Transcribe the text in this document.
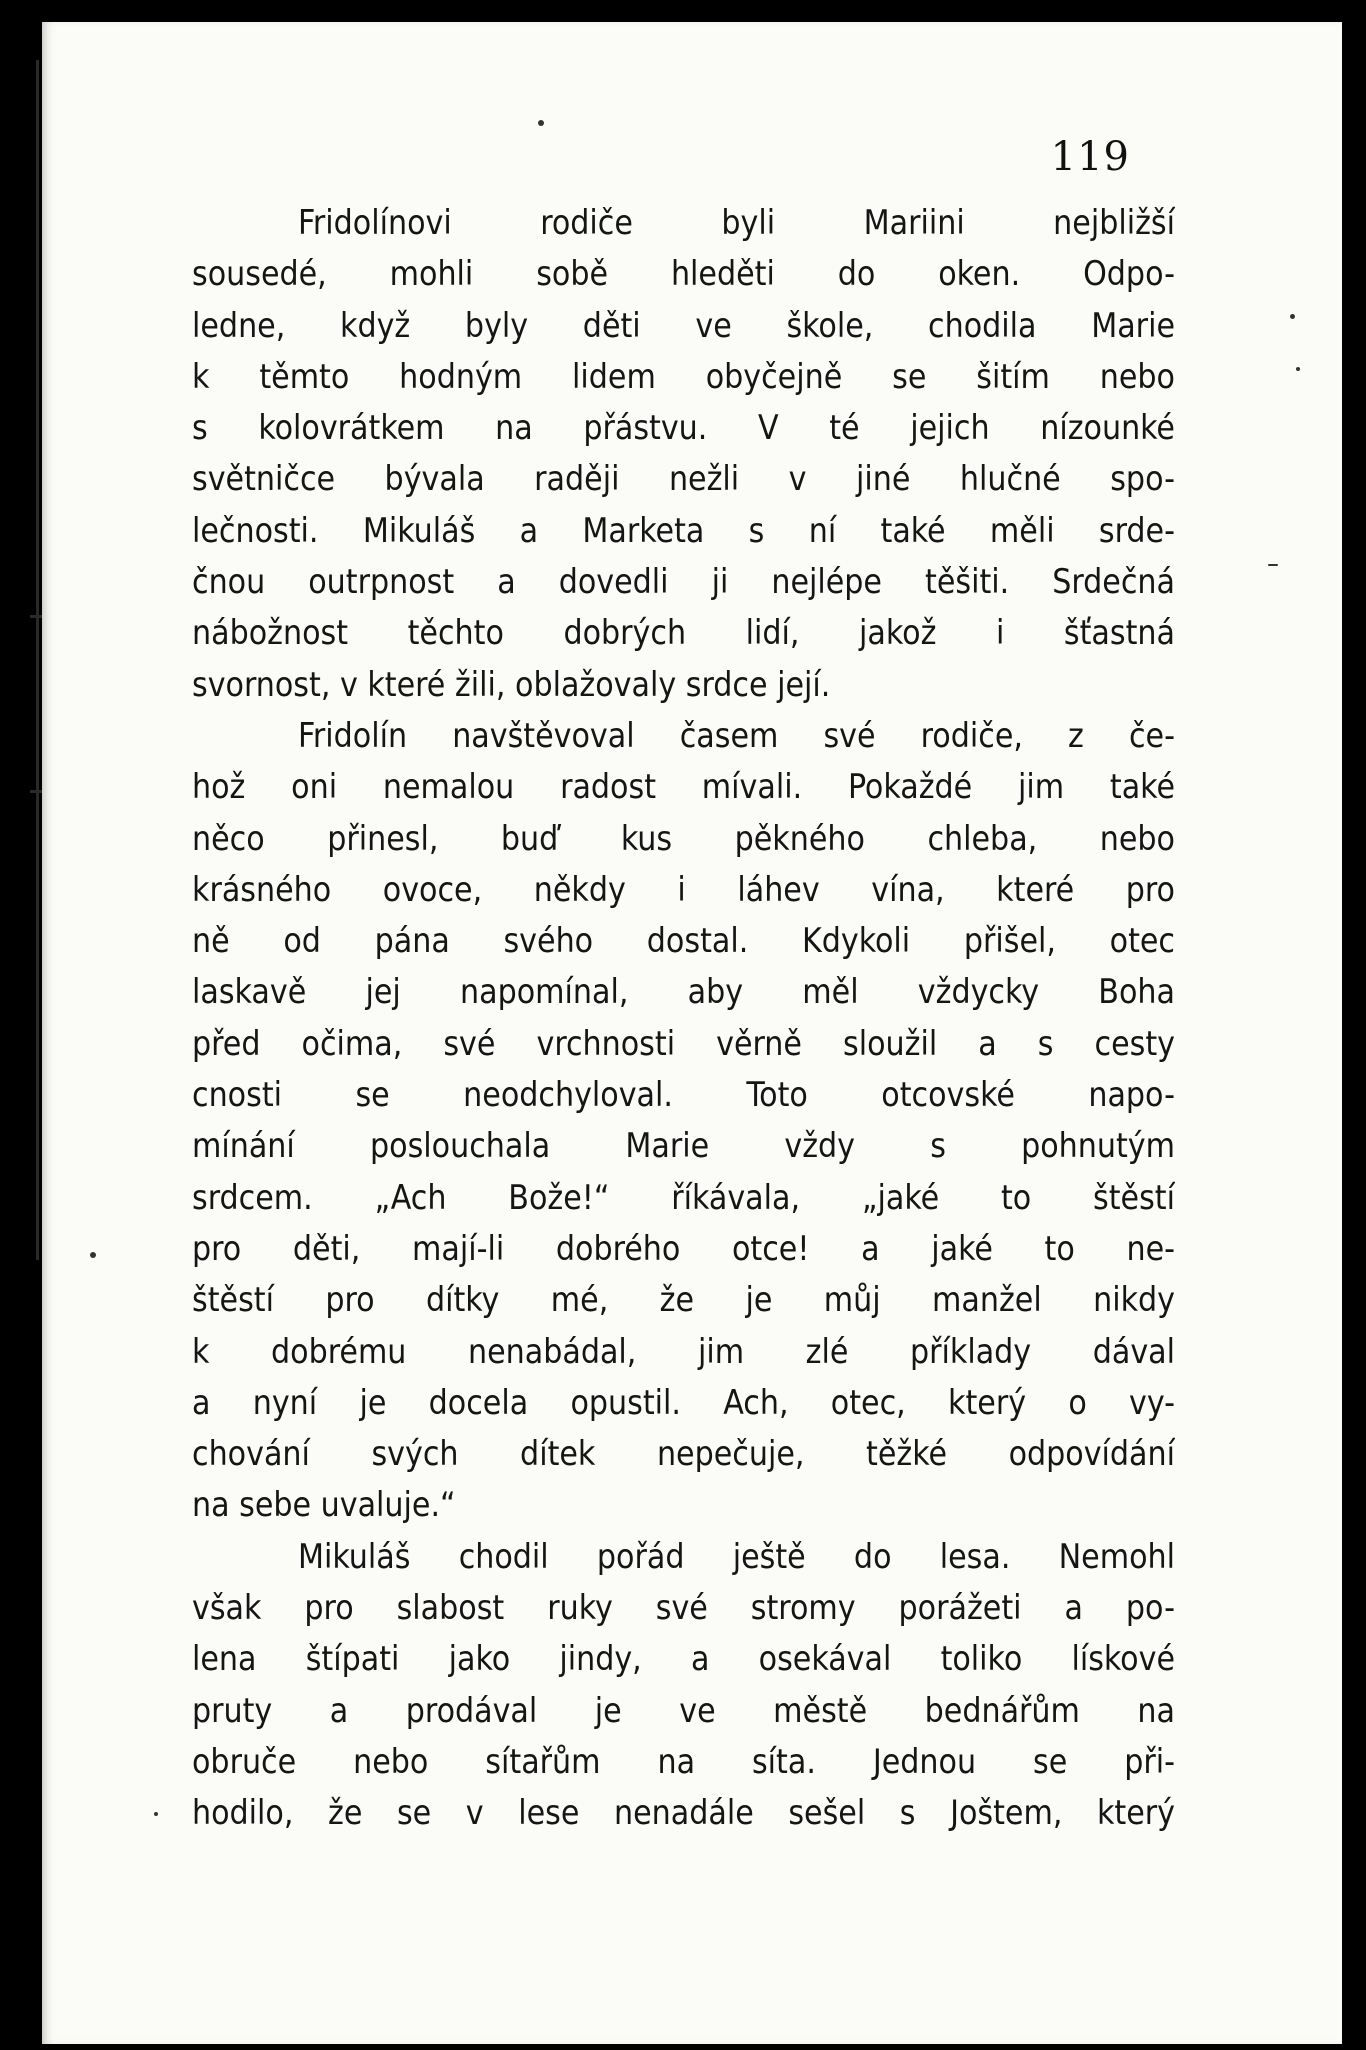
119
Fridolínovi rodiče byli Mariini nejbližší
sousedé, mohli sobě hleděti do oken. Odpo-
ledne, když byly děti ve škole, chodila Marie
k těmto hodným lidem obyčejně se šitím nebo
s kolovrátkem na přástvu. V té jejich nízounké
světničce bývala raději nežli v jiné hlučné spo-
lečnosti. Mikuláš a Marketa s ní také měli srde-
čnou outrpnost a dovedli ji nejlépe těšiti. Srdečná
nábožnost těchto dobrých lidí, jakož i šťastná
svornost, v které žili, oblažovaly srdce její.
Fridolín navštěvoval časem své rodiče, z če-
hož oni nemalou radost mívali. Pokaždé jim také
něco přinesl, buď kus pěkného chleba, nebo
krásného ovoce, někdy i láhev vína, které pro
ně od pána svého dostal. Kdykoli přišel, otec
laskavě jej napomínal, aby měl vždycky Boha
před očima, své vrchnosti věrně sloužil a s cesty
cnosti se neodchyloval. Toto otcovské napo-
mínání poslouchala Marie vždy s pohnutým
srdcem. „Ach Bože!“ říkávala, „jaké to štěstí
pro děti, mají-li dobrého otce! a jaké to ne-
štěstí pro dítky mé, že je můj manžel nikdy
k dobrému nenabádal, jim zlé příklady dával
a nyní je docela opustil. Ach, otec, který o vy-
chování svých dítek nepečuje, těžké odpovídání
na sebe uvaluje.“
Mikuláš chodil pořád ještě do lesa. Nemohl
však pro slabost ruky své stromy porážeti a po-
lena štípati jako jindy, a osekával toliko lískové
pruty a prodával je ve městě bednářům na
obruče nebo sítařům na síta. Jednou se při-
hodilo, že se v lese nenadále sešel s Joštem, který
